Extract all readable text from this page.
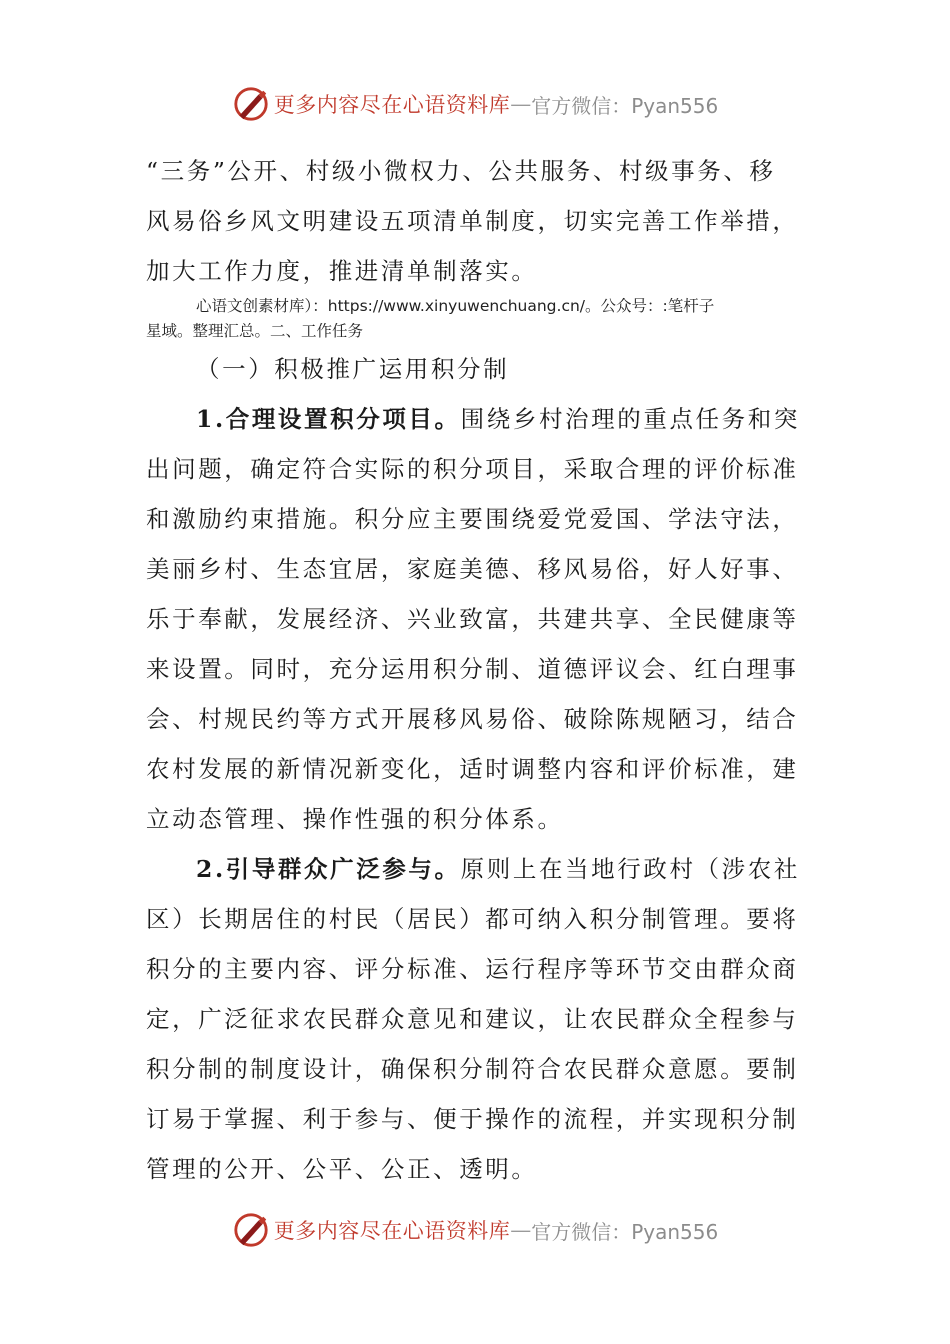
更多内容尽在心语资料库 — 官方微信：Pyan556
“三务”公开、村级小微权力、公共服务、村级事务、移
风易俗乡风文明建设五项清单制度，切实完善工作举措，
加大工作力度，推进清单制落实。
心语文创素材库）：https://www.xinyuwenchuang.cn/。公众号：:笔杆子
星域。整理汇总。二、工作任务
（一）积极推广运用积分制
1.合理设置积分项目。围绕乡村治理的重点任务和突
出问题，确定符合实际的积分项目，采取合理的评价标准
和激励约束措施。积分应主要围绕爱党爱国、学法守法，
美丽乡村、生态宜居，家庭美德、移风易俗，好人好事、
乐于奉献，发展经济、兴业致富，共建共享、全民健康等
来设置。同时，充分运用积分制、道德评议会、红白理事
会、村规民约等方式开展移风易俗、破除陈规陋习，结合
农村发展的新情况新变化，适时调整内容和评价标准，建
立动态管理、操作性强的积分体系。
2.引导群众广泛参与。原则上在当地行政村（涉农社
区）长期居住的村民（居民）都可纳入积分制管理。要将
积分的主要内容、评分标准、运行程序等环节交由群众商
定，广泛征求农民群众意见和建议，让农民群众全程参与
积分制的制度设计，确保积分制符合农民群众意愿。要制
订易于掌握、利于参与、便于操作的流程，并实现积分制
管理的公开、公平、公正、透明。
更多内容尽在心语资料库 — 官方微信：Pyan556
